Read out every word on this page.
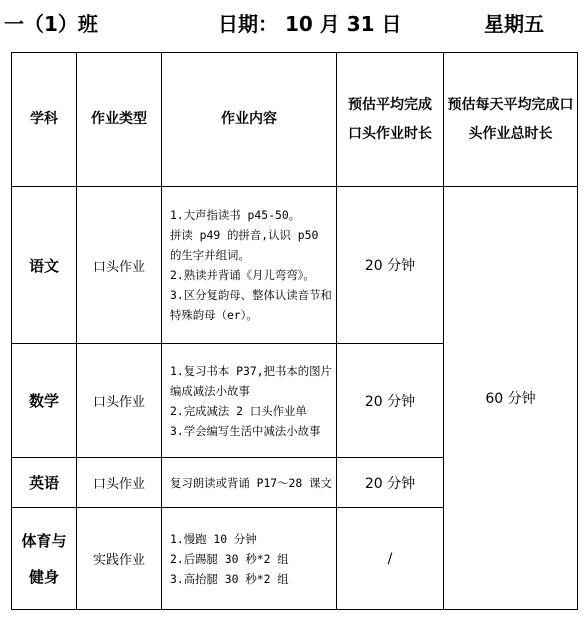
一（1）班	日期： 10 月 31 日	星期五
学科	作业类型	作业内容	预估平均完成口头作业时长	预估每天平均完成口头作业总时长
语文	口头作业	1.大声指读书 p45-50。
拼读 p49 的拼音,认识 p50 的生字并组词。
2.熟读并背诵《月儿弯弯》。
3.区分复韵母、整体认读音节和特殊韵母（er）。	20 分钟	60 分钟
数学	口头作业	1.复习书本 P37,把书本的图片编成减法小故事
2.完成减法 2 口头作业单
3.学会编写生活中减法小故事	20 分钟	
英语	口头作业	复习朗读或背诵 P17～28 课文	20 分钟	
体育与健身	实践作业	1.慢跑 10 分钟
2.后踢腿 30 秒*2 组
3.高抬腿 30 秒*2 组	/	
